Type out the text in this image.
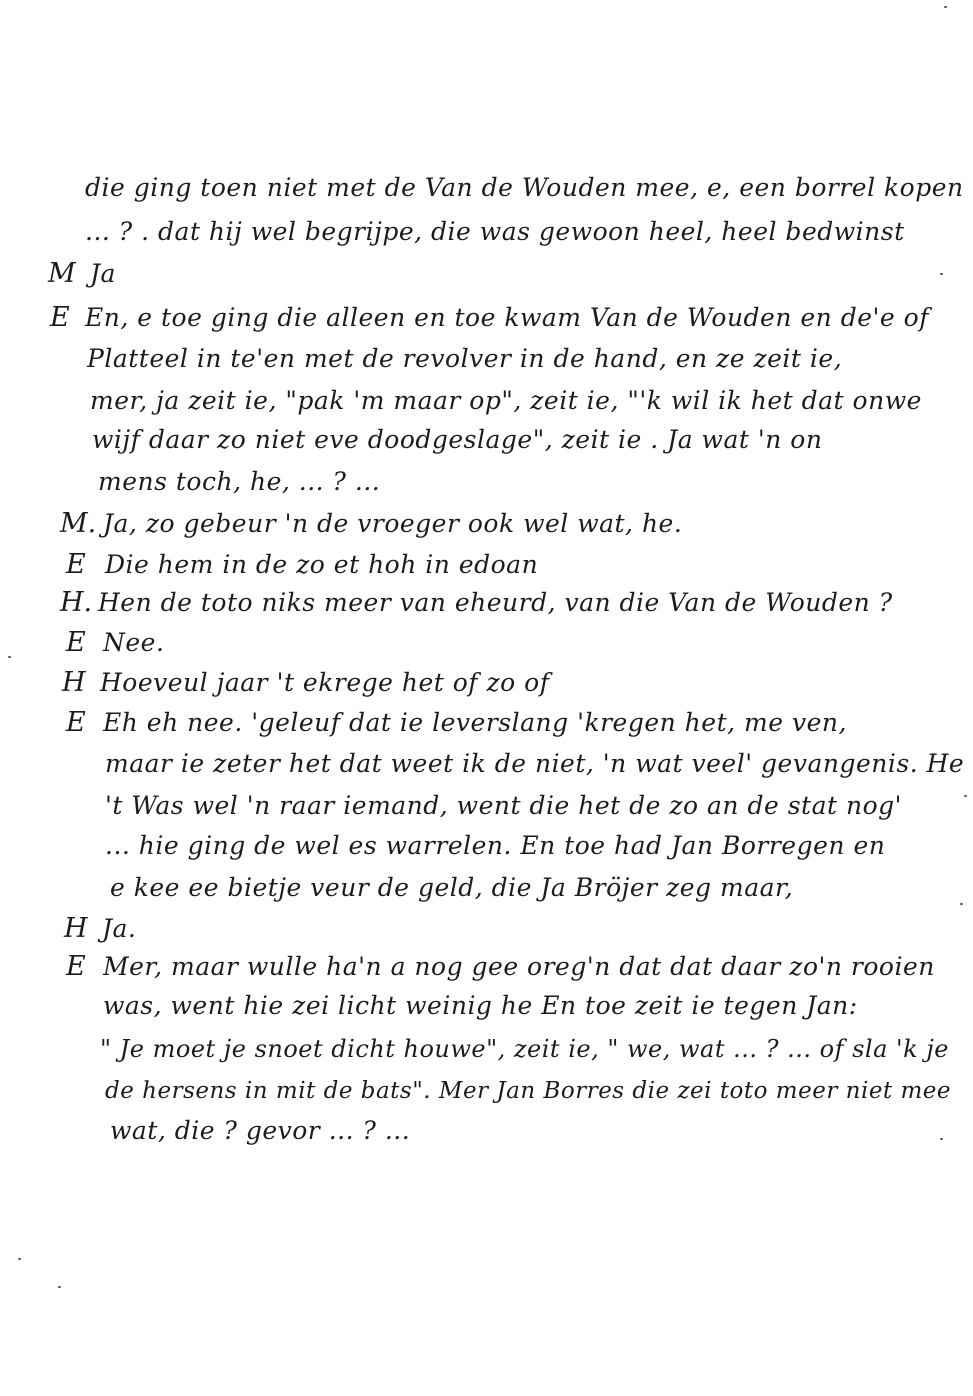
die ging toen niet met de Van de Wouden mee, e, een borrel kopen
... ? . dat hij wel begrijpe, die was gewoon heel, heel bedwinst
M Ja
E En, e toe ging die alleen en toe kwam Van de Wouden en de'e of
Platteel in te'en met de revolver in de hand, en ze zeit ie,
mer, ja zeit ie, "pak 'm maar op", zeit ie, "'k wil ik het dat onwe
wijf daar zo niet eve doodgeslage", zeit ie . Ja wat 'n on
mens toch, he, ... ? ...
M. Ja, zo gebeur 'n de vroeger ook wel wat, he.
E Die hem in de zo et hoh in edoan
H. Hen de toto niks meer van eheurd, van die Van de Wouden ?
E Nee.
H Hoeveul jaar 't ekrege het of zo of
E Eh eh nee. 'geleuf dat ie leverslang 'kregen het, me ven,
maar ie zeter het dat weet ik de niet, 'n wat veel' gevangenis. He
't Was wel 'n raar iemand, went die het de zo an de stat nog'
... hie ging de wel es warrelen. En toe had Jan Borregen en
e kee ee bietje veur de geld, die Ja Bröjer zeg maar,
H Ja.
E Mer, maar wulle ha'n a nog gee oreg'n dat dat daar zo'n rooien
was, went hie zei licht weinig he En toe zeit ie tegen Jan:
" Je moet je snoet dicht houwe", zeit ie, " we, wat ... ? ... of sla 'k je
de hersens in mit de bats". Mer Jan Borres die zei toto meer niet mee
wat, die ? gevor ... ? ...
